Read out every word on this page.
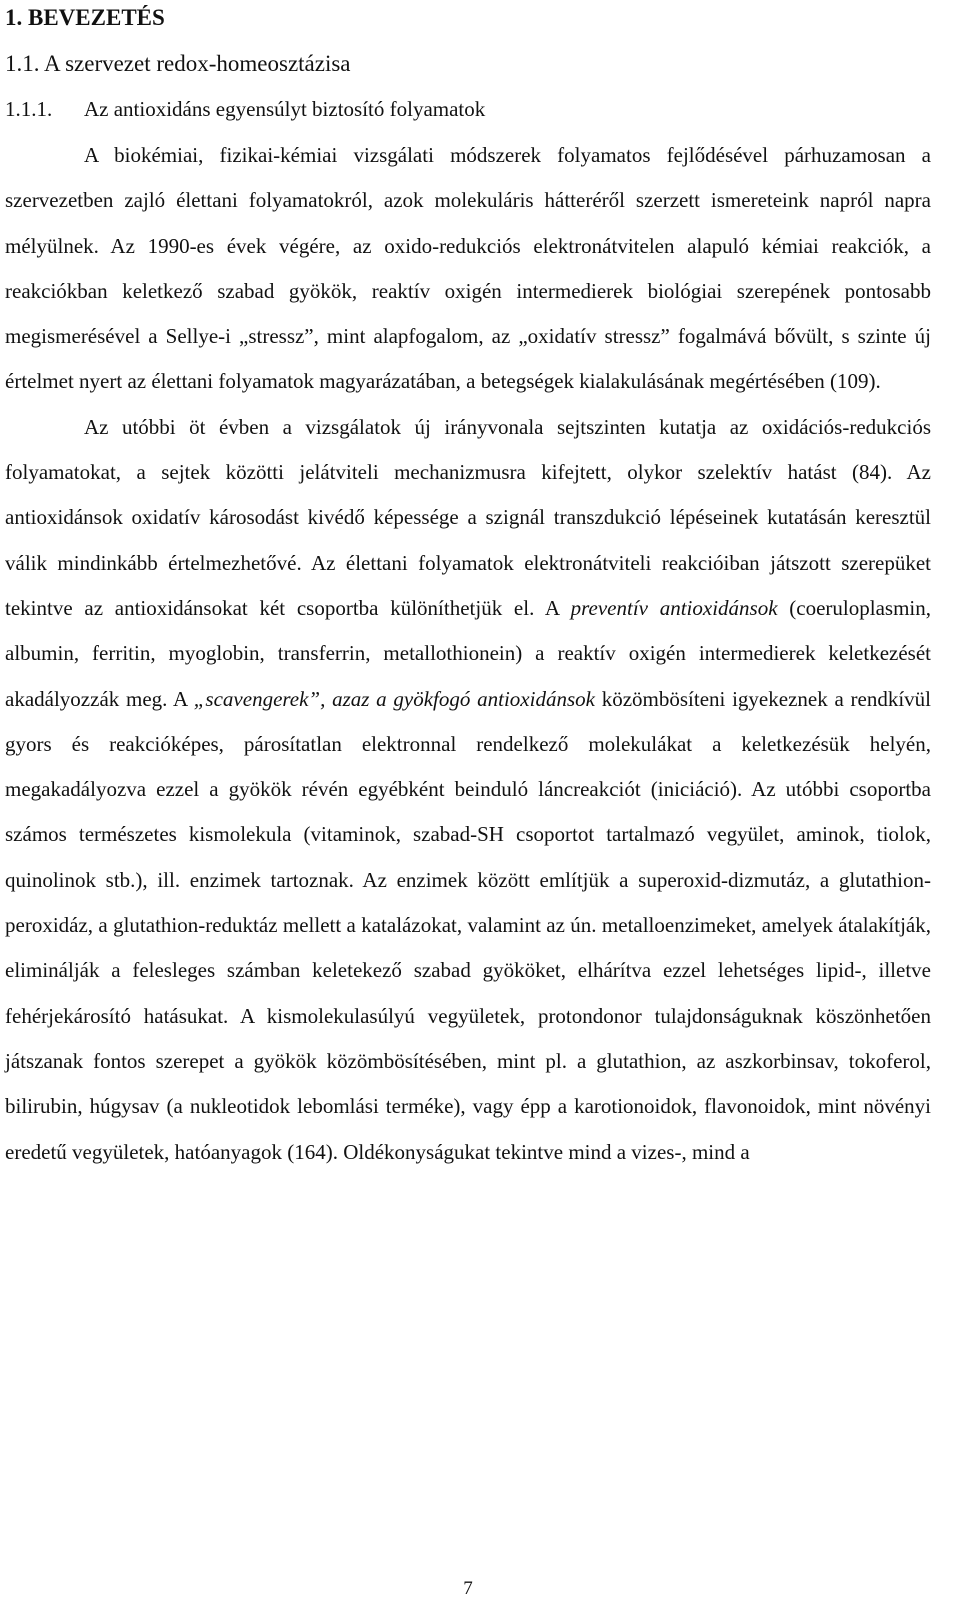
1. BEVEZETÉS
1.1. A szervezet redox-homeosztázisa
1.1.1. Az antioxidáns egyensúlyt biztosító folyamatok

A biokémiai, fizikai-kémiai vizsgálati módszerek folyamatos fejlődésével párhuzamosan a szervezetben zajló élettani folyamatokról, azok molekuláris hátteréről szerzett ismereteink napról napra mélyülnek. Az 1990-es évek végére, az oxido-redukciós elektronátvitelen alapuló kémiai reakciók, a reakciókban keletkező szabad gyökök, reaktív oxigén intermedierek biológiai szerepének pontosabb megismerésével a Sellye-i „stressz”, mint alapfogalom, az „oxidatív stressz” fogalmává bővült, s szinte új értelmet nyert az élettani folyamatok magyarázatában, a betegségek kialakulásának megértésében (109).

Az utóbbi öt évben a vizsgálatok új irányvonala sejtszinten kutatja az oxidációs-redukciós folyamatokat, a sejtek közötti jelátviteli mechanizmusra kifejtett, olykor szelektív hatást (84). Az antioxidánsok oxidatív károsodást kivédő képessége a szignál transzdukció lépéseinek kutatásán keresztül válik mindinkább értelmezhetővé. Az élettani folyamatok elektronátviteli reakcióiban játszott szerepüket tekintve az antioxidánsokat két csoportba különíthetjük el. A preventív antioxidánsok (coeruloplasmin, albumin, ferritin, myoglobin, transferrin, metallothionein) a reaktív oxigén intermedierek keletkezését akadályozzák meg. A „scavengerek”, azaz a gyökfogó antioxidánsok közömbösíteni igyekeznek a rendkívül gyors és reakcióképes, párosítatlan elektronnal rendelkező molekulákat a keletkezésük helyén, megakadályozva ezzel a gyökök révén egyébként beinduló láncreakciót (iniciáció). Az utóbbi csoportba számos természetes kismolekula (vitaminok, szabad-SH csoportot tartalmazó vegyület, aminok, tiolok, quinolinok stb.), ill. enzimek tartoznak. Az enzimek között említjük a superoxid-dizmutáz, a glutathion-peroxidáz, a glutathion-reduktáz mellett a katalázokat, valamint az ún. metalloenzimeket, amelyek átalakítják, eliminálják a felesleges számban keletekező szabad gyököket, elhárítva ezzel lehetséges lipid-, illetve fehérjekárosító hatásukat. A kismolekulasúlyú vegyületek, protondonor tulajdonságuknak köszönhetően játszanak fontos szerepet a gyökök közömbösítésében, mint pl. a glutathion, az aszkorbinsav, tokoferol, bilirubin, húgysav (a nukleotidok lebomlási terméke), vagy épp a karotionoidok, flavonoidok, mint növényi eredetű vegyületek, hatóanyagok (164). Oldékonyságukat tekintve mind a vizes-, mind a

7
